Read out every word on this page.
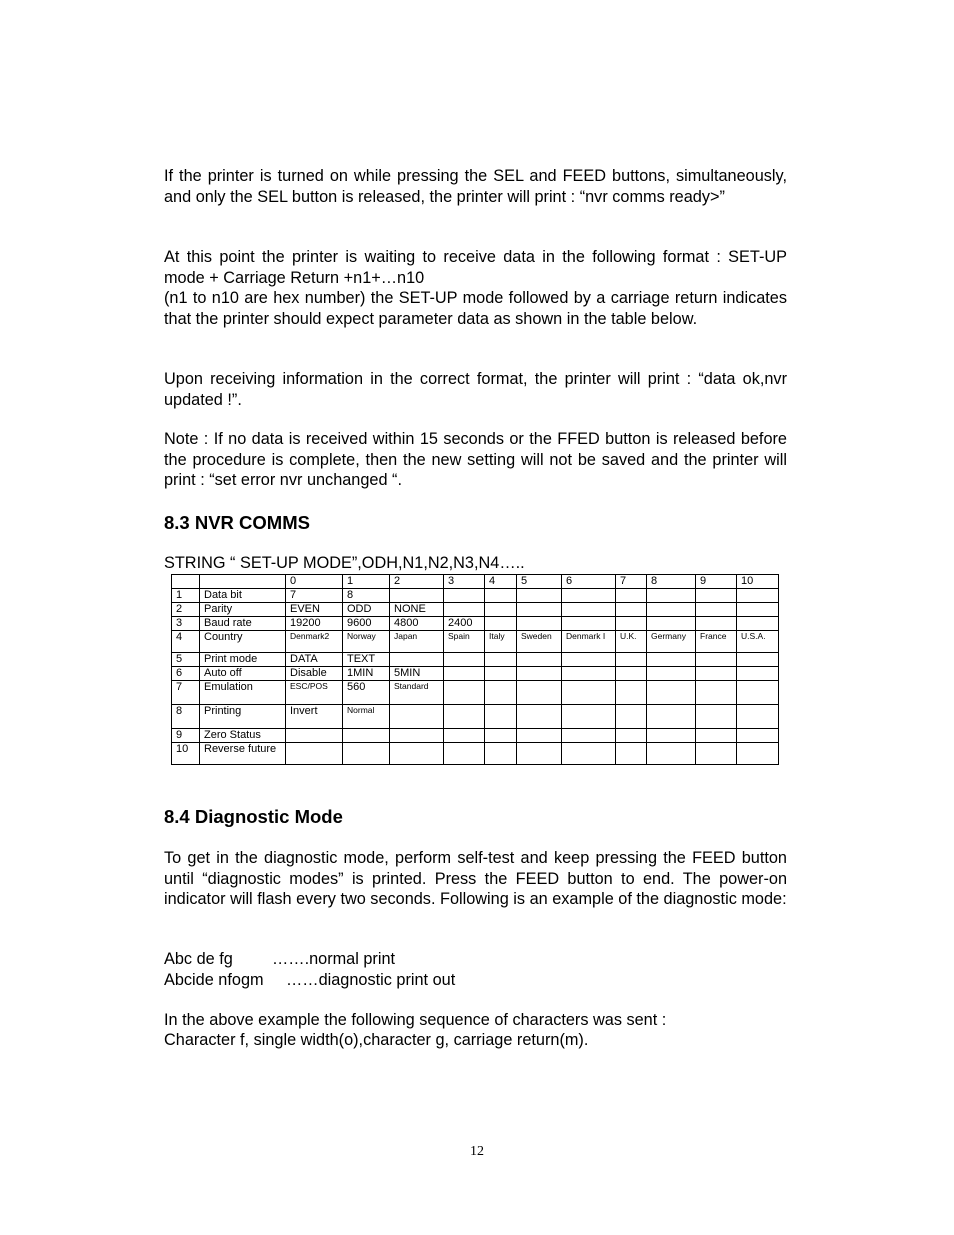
If the printer is turned on while pressing the SEL and FEED buttons, simultaneously, and only the SEL button is released, the printer will print : “nvr comms ready>”

At this point the printer is waiting to receive data in the following format : SET-UP mode + Carriage Return +n1+…n10

(n1 to n10 are hex number) the SET-UP mode followed by a carriage return indicates that the printer should expect parameter data as shown in the table below.

Upon receiving information in the correct format, the printer will print : “data ok,nvr updated !”.

Note : If no data is received within 15 seconds or the FFED button is released before the procedure is complete, then the new setting will not be saved and the printer will print : “set error nvr unchanged “.

8.3 NVR COMMS

STRING “ SET-UP MODE”,ODH,N1,N2,N3,N4…..

		0	1	2	3	4	5	6	7	8	9	10
1	Data bit	7	8									
2	Parity	EVEN	ODD	NONE								
3	Baud rate	19200	9600	4800	2400							
4	Country	Denmark2	Norway	Japan	Spain	Italy	Sweden	Denmark I	U.K.	Germany	France	U.S.A.
5	Print mode	DATA	TEXT									
6	Auto off	Disable	1MIN	5MIN								
7	Emulation	ESC/POS	560	Standard								
8	Printing	Invert	Normal									
9	Zero Status											
10	Reverse future											
8.4 Diagnostic Mode

To get in the diagnostic mode, perform self-test and keep pressing the FEED button until “diagnostic modes” is printed. Press the FEED button to end. The power-on indicator will flash every two seconds. Following is an example of the diagnostic mode:

Abc de fg …….normal print
Abcide nfogm ……diagnostic print out

In the above example the following sequence of characters was sent :

Character f, single width(o),character g, carriage return(m).

12
